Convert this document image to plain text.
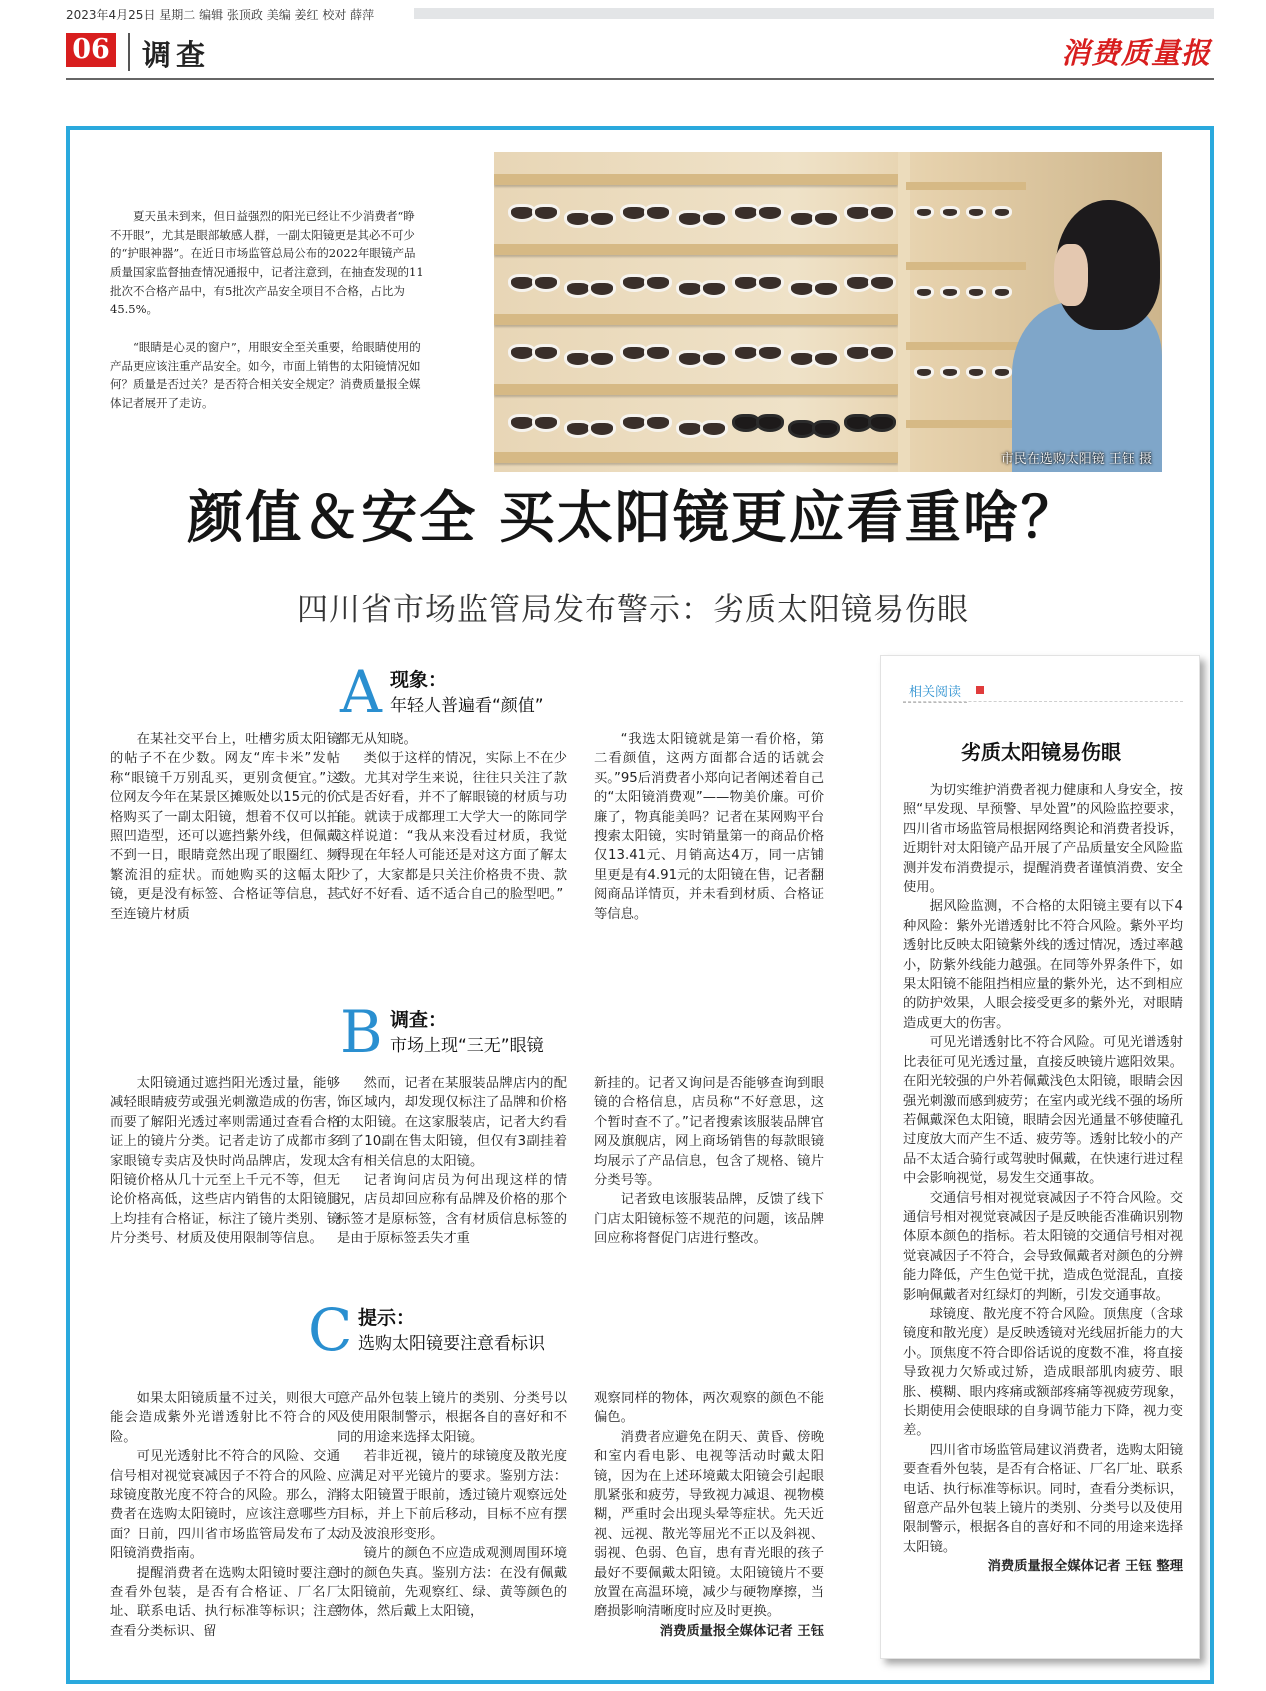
2023年4月25日 星期二 编辑 张顶政 美编 姜红 校对 薛萍
06 调查	消费质量报

夏天虽未到来，但日益强烈的阳光已经让不少消费者“睁不开眼”，尤其是眼部敏感人群，一副太阳镜更是其必不可少的“护眼神器”。在近日市场监管总局公布的2022年眼镜产品质量国家监督抽查情况通报中，记者注意到，在抽查发现的11批次不合格产品中，有5批次产品安全项目不合格，占比为45.5%。

“眼睛是心灵的窗户”，用眼安全至关重要，给眼睛使用的产品更应该注重产品安全。如今，市面上销售的太阳镜情况如何？质量是否过关？是否符合相关安全规定？消费质量报全媒体记者展开了走访。

市民在选购太阳镜 王钰 摄
颜值＆安全 买太阳镜更应看重啥？
四川省市场监管局发布警示：劣质太阳镜易伤眼
A 现象：
年轻人普遍看“颜值”

在某社交平台上，吐槽劣质太阳镜的帖子不在少数。网友“库卡米”发帖称“眼镜千万别乱买，更别贪便宜。”这位网友今年在某景区摊贩处以15元的价格购买了一副太阳镜，想着不仅可以拍照凹造型，还可以遮挡紫外线，但佩戴不到一日，眼睛竟然出现了眼圈红、频繁流泪的症状。而她购买的这幅太阳镜，更是没有标签、合格证等信息，甚至连镜片材质

都无从知晓。

类似于这样的情况，实际上不在少数。尤其对学生来说，往往只关注了款式是否好看，并不了解眼镜的材质与功能。就读于成都理工大学大一的陈同学这样说道：“我从来没看过材质，我觉得现在年轻人可能还是对这方面了解太少了，大家都是只关注价格贵不贵、款式好不好看、适不适合自己的脸型吧。”

“我选太阳镜就是第一看价格，第二看颜值，这两方面都合适的话就会买。”95后消费者小郑向记者阐述着自己的“太阳镜消费观”——物美价廉。可价廉了，物真能美吗？记者在某网购平台搜索太阳镜，实时销量第一的商品价格仅13.41元、月销高达4万，同一店铺里更是有4.91元的太阳镜在售，记者翻阅商品详情页，并未看到材质、合格证等信息。

B 调查：
市场上现“三无”眼镜

太阳镜通过遮挡阳光透过量，能够减轻眼睛疲劳或强光刺激造成的伤害，而要了解阳光透过率则需通过查看合格证上的镜片分类。记者走访了成都市多家眼镜专卖店及快时尚品牌店，发现太阳镜价格从几十元至上千元不等，但无论价格高低，这些店内销售的太阳镜腿上均挂有合格证，标注了镜片类别、镜片分类号、材质及使用限制等信息。

然而，记者在某服装品牌店内的配饰区域内，却发现仅标注了品牌和价格的太阳镜。在这家服装店，记者大约看到了10副在售太阳镜，但仅有3副挂着含有相关信息的太阳镜。

记者询问店员为何出现这样的情况，店员却回应称有品牌及价格的那个标签才是原标签，含有材质信息标签的是由于原标签丢失才重

新挂的。记者又询问是否能够查询到眼镜的合格信息，店员称“不好意思，这个暂时查不了。”记者搜索该服装品牌官网及旗舰店，网上商场销售的每款眼镜均展示了产品信息，包含了规格、镜片分类号等。

记者致电该服装品牌，反馈了线下门店太阳镜标签不规范的问题，该品牌回应称将督促门店进行整改。

C 提示：
选购太阳镜要注意看标识

如果太阳镜质量不过关，则很大可能会造成紫外光谱透射比不符合的风险。

可见光透射比不符合的风险、交通信号相对视觉衰减因子不符合的风险、球镜度散光度不符合的风险。那么，消费者在选购太阳镜时，应该注意哪些方面？日前，四川省市场监管局发布了太阳镜消费指南。

提醒消费者在选购太阳镜时要注意查看外包装，是否有合格证、厂名厂址、联系电话、执行标准等标识；注意查看分类标识、留

意产品外包装上镜片的类别、分类号以及使用限制警示，根据各自的喜好和不同的用途来选择太阳镜。

若非近视，镜片的球镜度及散光度应满足对平光镜片的要求。鉴别方法：将太阳镜置于眼前，透过镜片观察远处目标，并上下前后移动，目标不应有摆动及波浪形变形。

镜片的颜色不应造成观测周围环境时的颜色失真。鉴别方法：在没有佩戴太阳镜前，先观察红、绿、黄等颜色的物体，然后戴上太阳镜，

观察同样的物体，两次观察的颜色不能偏色。

消费者应避免在阴天、黄昏、傍晚和室内看电影、电视等活动时戴太阳镜，因为在上述环境戴太阳镜会引起眼肌紧张和疲劳，导致视力减退、视物模糊，严重时会出现头晕等症状。先天近视、远视、散光等屈光不正以及斜视、弱视、色弱、色盲，患有青光眼的孩子最好不要佩戴太阳镜。太阳镜镜片不要放置在高温环境，减少与硬物摩擦，当磨损影响清晰度时应及时更换。

消费质量报全媒体记者 王钰

相关阅读
劣质太阳镜易伤眼

为切实维护消费者视力健康和人身安全，按照“早发现、早预警、早处置”的风险监控要求，四川省市场监管局根据网络舆论和消费者投诉，近期针对太阳镜产品开展了产品质量安全风险监测并发布消费提示，提醒消费者谨慎消费、安全使用。

据风险监测，不合格的太阳镜主要有以下4种风险：紫外光谱透射比不符合风险。紫外平均透射比反映太阳镜紫外线的透过情况，透过率越小，防紫外线能力越强。在同等外界条件下，如果太阳镜不能阻挡相应量的紫外光，达不到相应的防护效果，人眼会接受更多的紫外光，对眼睛造成更大的伤害。

可见光谱透射比不符合风险。可见光谱透射比表征可见光透过量，直接反映镜片遮阳效果。在阳光较强的户外若佩戴浅色太阳镜，眼睛会因强光刺激而感到疲劳；在室内或光线不强的场所若佩戴深色太阳镜，眼睛会因光通量不够使瞳孔过度放大而产生不适、疲劳等。透射比较小的产品不太适合骑行或驾驶时佩戴，在快速行进过程中会影响视觉，易发生交通事故。

交通信号相对视觉衰减因子不符合风险。交通信号相对视觉衰减因子是反映能否准确识别物体原本颜色的指标。若太阳镜的交通信号相对视觉衰减因子不符合，会导致佩戴者对颜色的分辨能力降低，产生色觉干扰，造成色觉混乱，直接影响佩戴者对红绿灯的判断，引发交通事故。

球镜度、散光度不符合风险。顶焦度（含球镜度和散光度）是反映透镜对光线屈折能力的大小。顶焦度不符合即俗话说的度数不准，将直接导致视力欠矫或过矫，造成眼部肌肉疲劳、眼胀、模糊、眼内疼痛或额部疼痛等视疲劳现象，长期使用会使眼球的自身调节能力下降，视力变差。

四川省市场监管局建议消费者，选购太阳镜要查看外包装，是否有合格证、厂名厂址、联系电话、执行标准等标识。同时，查看分类标识，留意产品外包装上镜片的类别、分类号以及使用限制警示，根据各自的喜好和不同的用途来选择太阳镜。

消费质量报全媒体记者 王钰 整理
